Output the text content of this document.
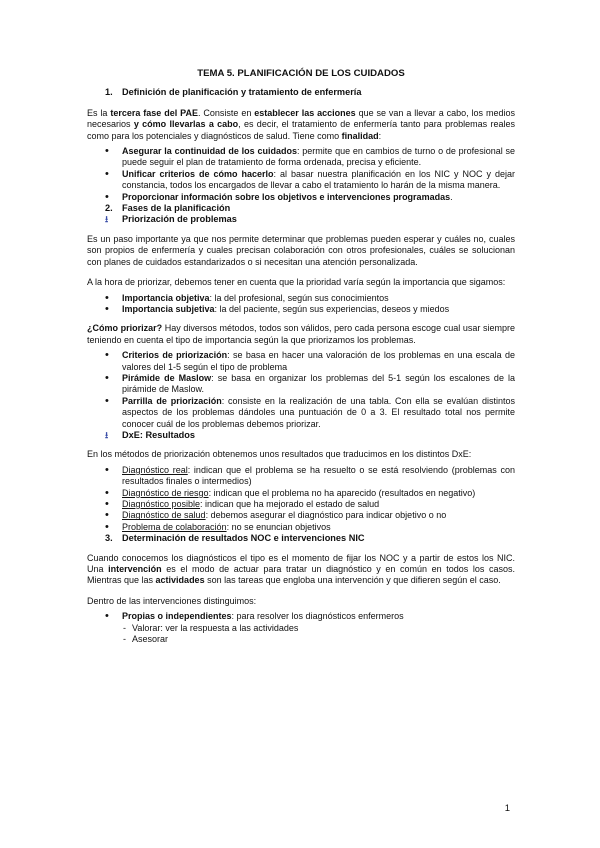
TEMA 5. PLANIFICACIÓN DE LOS CUIDADOS
1. Definición de planificación y tratamiento de enfermería

Es la tercera fase del PAE. Consiste en establecer las acciones que se van a llevar a cabo, los medios necesarios y cómo llevarlas a cabo, es decir, el tratamiento de enfermería tanto para problemas reales como para los potenciales y diagnósticos de salud. Tiene como finalidad:

• Asegurar la continuidad de los cuidados: permite que en cambios de turno o de profesional se puede seguir el plan de tratamiento de forma ordenada, precisa y eficiente.
• Unificar criterios de cómo hacerlo: al basar nuestra planificación en los NIC y NOC y dejar constancia, todos los encargados de llevar a cabo el tratamiento lo harán de la misma manera.
• Proporcionar información sobre los objetivos e intervenciones programadas.
2. Fases de la planificación
⭳ Priorización de problemas

Es un paso importante ya que nos permite determinar que problemas pueden esperar y cuáles no, cuales son propios de enfermería y cuales precisan colaboración con otros profesionales, cuáles se solucionan con planes de cuidados estandarizados o si necesitan una atención personalizada.

A la hora de priorizar, debemos tener en cuenta que la prioridad varía según la importancia que sigamos:

• Importancia objetiva: la del profesional, según sus conocimientos
• Importancia subjetiva: la del paciente, según sus experiencias, deseos y miedos

¿Cómo priorizar? Hay diversos métodos, todos son válidos, pero cada persona escoge cual usar siempre teniendo en cuenta el tipo de importancia según la que priorizamos los problemas.

• Criterios de priorización: se basa en hacer una valoración de los problemas en una escala de valores del 1-5 según el tipo de problema
• Pirámide de Maslow: se basa en organizar los problemas del 5-1 según los escalones de la pirámide de Maslow.
• Parrilla de priorización: consiste en la realización de una tabla. Con ella se evalúan distintos aspectos de los problemas dándoles una puntuación de 0 a 3. El resultado total nos permite conocer cuál de los problemas debemos priorizar.
⭳ DxE: Resultados

En los métodos de priorización obtenemos unos resultados que traducimos en los distintos DxE:

• Diagnóstico real: indican que el problema se ha resuelto o se está resolviendo (problemas con resultados finales o intermedios)
• Diagnóstico de riesgo: indican que el problema no ha aparecido (resultados en negativo)
• Diagnóstico posible: indican que ha mejorado el estado de salud
• Diagnóstico de salud: debemos asegurar el diagnóstico para indicar objetivo o no
• Problema de colaboración: no se enuncian objetivos
3. Determinación de resultados NOC e intervenciones NIC

Cuando conocemos los diagnósticos el tipo es el momento de fijar los NOC y a partir de estos los NIC. Una intervención es el modo de actuar para tratar un diagnóstico y en común en todos los casos. Mientras que las actividades son las tareas que engloba una intervención y que difieren según el caso.

Dentro de las intervenciones distinguimos:

• Propias o independientes: para resolver los diagnósticos enfermeros
- Valorar: ver la respuesta a las actividades
- Asesorar
1
